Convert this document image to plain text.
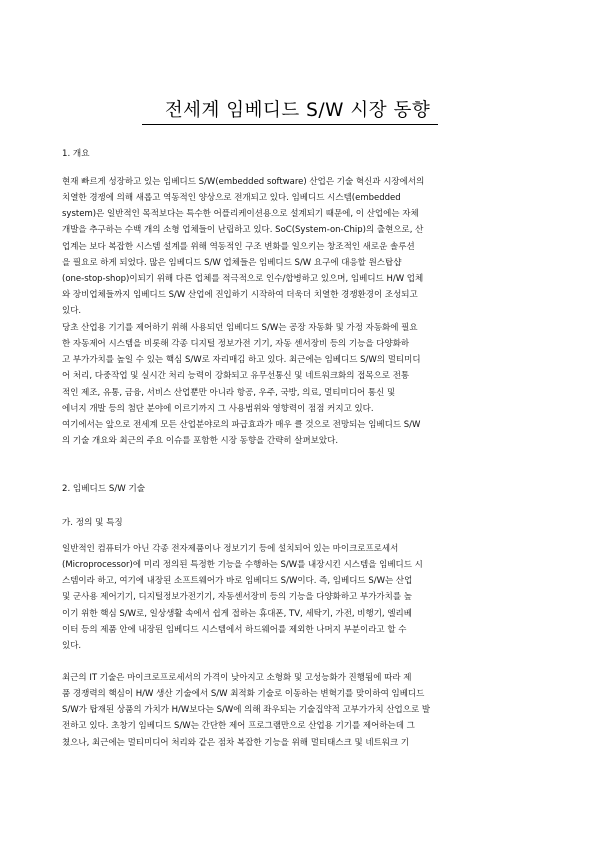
전세계 임베디드 S/W 시장 동향
1. 개요
현재 빠르게 성장하고 있는 임베디드 S/W(embedded software) 산업은 기술 혁신과 시장에서의
치열한 경쟁에 의해 새롭고 역동적인 양상으로 전개되고 있다. 임베디드 시스템(embedded
system)은 일반적인 목적보다는 특수한 어플리케이션용으로 설계되기 때문에, 이 산업에는 자체
개발을 추구하는 수백 개의 소형 업체들이 난립하고 있다. SoC(System-on-Chip)의 출현으로, 산
업계는 보다 복잡한 시스템 설계를 위해 역동적인 구조 변화를 일으키는 창조적인 새로운 솔루션
을 필요로 하게 되었다. 많은 임베디드 S/W 업체들은 임베디드 S/W 요구에 대응할 원스탑샵
(one-stop-shop)이되기 위해 다른 업체를 적극적으로 인수/합병하고 있으며, 임베디드 H/W 업체
와 장비업체들까지 임베디드 S/W 산업에 진입하기 시작하여 더욱더 치열한 경쟁환경이 조성되고
있다.
당초 산업용 기기를 제어하기 위해 사용되던 임베디드 S/W는 공장 자동화 및 가정 자동화에 필요
한 자동제어 시스템을 비롯해 각종 디지털 정보가전 기기, 자동 센서장비 등의 기능을 다양화하
고 부가가치를 높일 수 있는 핵심 S/W로 자리매김 하고 있다. 최근에는 임베디드 S/W의 멀티미디
어 처리, 다중작업 및 실시간 처리 능력이 강화되고 유무선통신 및 네트워크화의 접목으로 전통
적인 제조, 유통, 금융, 서비스 산업뿐만 아니라 항공, 우주, 국방, 의료, 멀티미디어 통신 및
에너지 개발 등의 첨단 분야에 이르기까지 그 사용범위와 영향력이 점점 커지고 있다.
여기에서는 앞으로 전세계 모든 산업분야로의 파급효과가 매우 클 것으로 전망되는 임베디드 S/W
의 기술 개요와 최근의 주요 이슈를 포함한 시장 동향을 간략히 살펴보았다.
2. 임베디드 S/W 기술
가. 정의 및 특징
일반적인 컴퓨터가 아닌 각종 전자제품이나 정보기기 등에 설치되어 있는 마이크로프로세서
(Microprocessor)에 미리 정의된 특정한 기능을 수행하는 S/W를 내장시킨 시스템을 임베디드 시
스템이라 하고, 여기에 내장된 소프트웨어가 바로 임베디드 S/W이다. 즉, 임베디드 S/W는 산업
및 군사용 제어기기, 디지털정보가전기기, 자동센서장비 등의 기능을 다양화하고 부가가치를 높
이기 위한 핵심 S/W로, 일상생활 속에서 쉽게 접하는 휴대폰, TV, 세탁기, 가전, 비행기, 엘리베
이터 등의 제품 안에 내장된 임베디드 시스템에서 하드웨어를 제외한 나머지 부분이라고 할 수
있다.
최근의 IT 기술은 마이크로프로세서의 가격이 낮아지고 소형화 및 고성능화가 진행됨에 따라 제
품 경쟁력의 핵심이 H/W 생산 기술에서 S/W 최적화 기술로 이동하는 변혁기를 맞이하여 임베디드
S/W가 탑재된 상품의 가치가 H/W보다는 S/W에 의해 좌우되는 기술집약적 고부가가치 산업으로 발
전하고 있다. 초창기 임베디드 S/W는 간단한 제어 프로그램만으로 산업용 기기를 제어하는데 그
쳤으나, 최근에는 멀티미디어 처리와 같은 점차 복잡한 기능을 위해 멀티태스크 및 네트워크 기
